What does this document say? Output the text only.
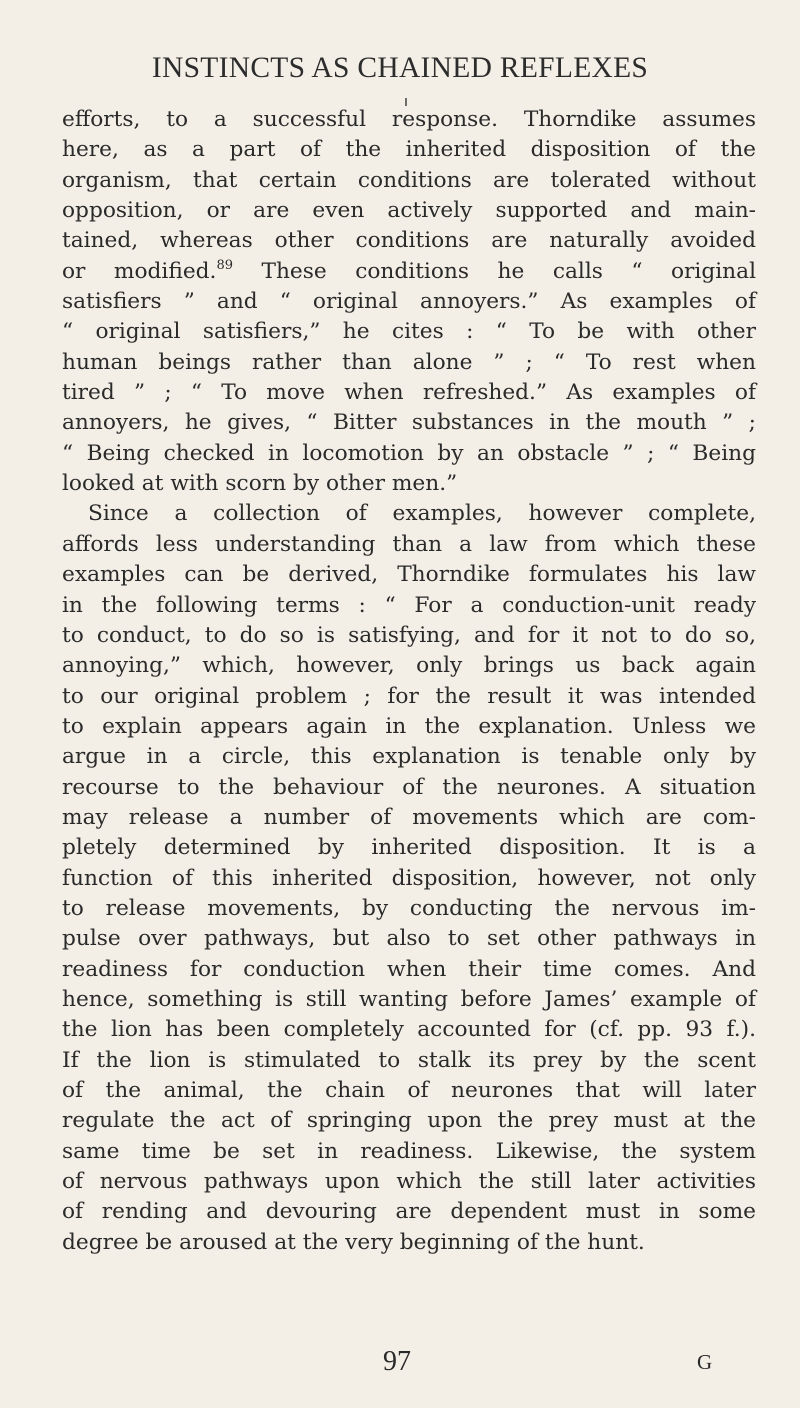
INSTINCTS AS CHAINED REFLEXES
efforts, to a successful response. Thorndike assumes
here, as a part of the inherited disposition of the
organism, that certain conditions are tolerated without
opposition, or are even actively supported and main-
tained, whereas other conditions are naturally avoided
or modified.$^{89}$ These conditions he calls “ original
satisfiers ” and “ original annoyers.” As examples of
“ original satisfiers,” he cites : “ To be with other
human beings rather than alone ” ; “ To rest when
tired ” ; “ To move when refreshed.” As examples of
annoyers, he gives, “ Bitter substances in the mouth ” ;
“ Being checked in locomotion by an obstacle ” ; “ Being
looked at with scorn by other men.”
Since a collection of examples, however complete,
affords less understanding than a law from which these
examples can be derived, Thorndike formulates his law
in the following terms : “ For a conduction-unit ready
to conduct, to do so is satisfying, and for it not to do so,
annoying,” which, however, only brings us back again
to our original problem ; for the result it was intended
to explain appears again in the explanation. Unless we
argue in a circle, this explanation is tenable only by
recourse to the behaviour of the neurones. A situation
may release a number of movements which are com-
pletely determined by inherited disposition. It is a
function of this inherited disposition, however, not only
to release movements, by conducting the nervous im-
pulse over pathways, but also to set other pathways in
readiness for conduction when their time comes. And
hence, something is still wanting before James’ example of
the lion has been completely accounted for (cf. pp. 93 f.).
If the lion is stimulated to stalk its prey by the scent
of the animal, the chain of neurones that will later
regulate the act of springing upon the prey must at the
same time be set in readiness. Likewise, the system
of nervous pathways upon which the still later activities
of rending and devouring are dependent must in some
degree be aroused at the very beginning of the hunt.
97	G
